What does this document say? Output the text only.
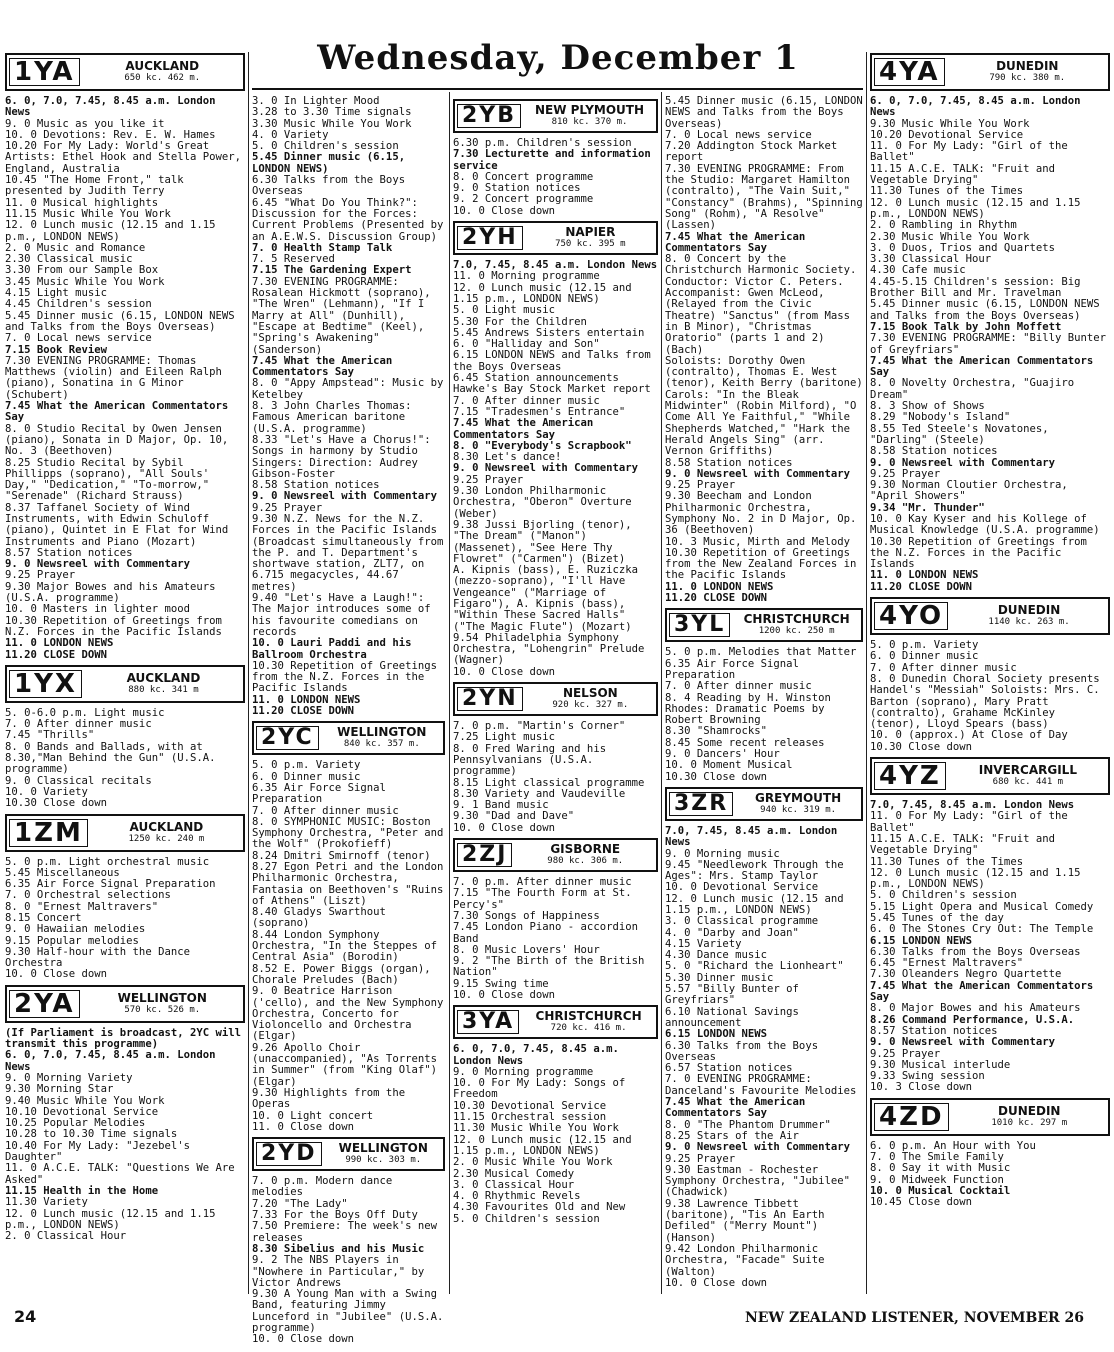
Wednesday, December 1
1YA	AUCKLAND
650 kc. 462 m.
6. 0, 7.0, 7.45, 8.45 a.m. London News
9. 0 Music as you like it
10. 0 Devotions: Rev. E. W. Hames
10.20 For My Lady: World's Great Artists: Ethel Hook and Stella Power, England, Australia
10.45 "The Home Front," talk presented by Judith Terry
11. 0 Musical highlights
11.15 Music While You Work
12. 0 Lunch music (12.15 and 1.15 p.m., LONDON NEWS)
2. 0 Music and Romance
2.30 Classical music
3.30 From our Sample Box
3.45 Music While You Work
4.15 Light music
4.45 Children's session
5.45 Dinner music (6.15, LONDON NEWS and Talks from the Boys Overseas)
7. 0 Local news service
7.15 Book Review
7.30 EVENING PROGRAMME: Thomas Matthews (violin) and Eileen Ralph (piano), Sonatina in G Minor (Schubert)
7.45 What the American Commentators Say
8. 0 Studio Recital by Owen Jensen (piano), Sonata in D Major, Op. 10, No. 3 (Beethoven)
8.25 Studio Recital by Sybil Phillipps (soprano), "All Souls' Day," "Dedication," "To-morrow," "Serenade" (Richard Strauss)
8.37 Taffanel Society of Wind Instruments, with Edwin Schuloff (piano), Quintet in E Flat for Wind Instruments and Piano (Mozart)
8.57 Station notices
9. 0 Newsreel with Commentary
9.25 Prayer
9.30 Major Bowes and his Amateurs (U.S.A. programme)
10. 0 Masters in lighter mood
10.30 Repetition of Greetings from N.Z. Forces in the Pacific Islands
11. 0 LONDON NEWS
11.20 CLOSE DOWN
1YX	AUCKLAND
880 kc. 341 m
5. 0-6.0 p.m. Light music
7. 0 After dinner music
7.45 "Thrills"
8. 0 Bands and Ballads, with at 8.30,"Man Behind the Gun" (U.S.A. programme)
9. 0 Classical recitals
10. 0 Variety
10.30 Close down
1ZM	AUCKLAND
1250 kc. 240 m
5. 0 p.m. Light orchestral music
5.45 Miscellaneous
6.35 Air Force Signal Preparation
7. 0 Orchestral selections
8. 0 "Ernest Maltravers"
8.15 Concert
9. 0 Hawaiian melodies
9.15 Popular melodies
9.30 Half-hour with the Dance Orchestra
10. 0 Close down
2YA	WELLINGTON
570 kc. 526 m.
(If Parliament is broadcast, 2YC will transmit this programme)
6. 0, 7.0, 7.45, 8.45 a.m. London News
9. 0 Morning Variety
9.30 Morning Star
9.40 Music While You Work
10.10 Devotional Service
10.25 Popular Melodies
10.28 to 10.30 Time signals
10.40 For My Lady: "Jezebel's Daughter"
11. 0 A.C.E. TALK: "Questions We Are Asked"
11.15 Health in the Home
11.30 Variety
12. 0 Lunch music (12.15 and 1.15 p.m., LONDON NEWS)
2. 0 Classical Hour
3. 0 In Lighter Mood
3.28 to 3.30 Time signals
3.30 Music While You Work
4. 0 Variety
5. 0 Children's session
5.45 Dinner music (6.15, LONDON NEWS)
6.30 Talks from the Boys Overseas
6.45 "What Do You Think?": Discussion for the Forces: Current Problems (Presented by an A.E.W.S. Discussion Group)
7. 0 Health Stamp Talk
7. 5 Reserved
7.15 The Gardening Expert
7.30 EVENING PROGRAMME: Rosalean Hickmott (soprano), "The Wren" (Lehmann), "If I Marry at All" (Dunhill), "Escape at Bedtime" (Keel), "Spring's Awakening" (Sanderson)
7.45 What the American Commentators Say
8. 0 "Appy Ampstead": Music by Ketelbey
8. 3 John Charles Thomas: Famous American baritone (U.S.A. programme)
8.33 "Let's Have a Chorus!": Songs in harmony by Studio Singers: Direction: Audrey Gibson-Foster
8.58 Station notices
9. 0 Newsreel with Commentary
9.25 Prayer
9.30 N.Z. News for the N.Z. Forces in the Pacific Islands (Broadcast simultaneously from the P. and T. Department's shortwave station, ZLT7, on 6.715 megacycles, 44.67 metres)
9.40 "Let's Have a Laugh!": The Major introduces some of his favourite comedians on records
10. 0 Lauri Paddi and his Ballroom Orchestra
10.30 Repetition of Greetings from the N.Z. Forces in the Pacific Islands
11. 0 LONDON NEWS
11.20 CLOSE DOWN
2YC	WELLINGTON
840 kc. 357 m.
5. 0 p.m. Variety
6. 0 Dinner music
6.35 Air Force Signal Preparation
7. 0 After dinner music
8. 0 SYMPHONIC MUSIC: Boston Symphony Orchestra, "Peter and the Wolf" (Prokofieff)
8.24 Dmitri Smirnoff (tenor)
8.27 Egon Petri and the London Philharmonic Orchestra, Fantasia on Beethoven's "Ruins of Athens" (Liszt)
8.40 Gladys Swarthout (soprano)
8.44 London Symphony Orchestra, "In the Steppes of Central Asia" (Borodin)
8.52 E. Power Biggs (organ), Chorale Preludes (Bach)
9. 0 Beatrice Harrison ('cello), and the New Symphony Orchestra, Concerto for Violoncello and Orchestra (Elgar)
9.26 Apollo Choir (unaccompanied), "As Torrents in Summer" (from "King Olaf") (Elgar)
9.30 Highlights from the Operas
10. 0 Light concert
11. 0 Close down
2YD	WELLINGTON
990 kc. 303 m.
7. 0 p.m. Modern dance melodies
7.20 "The Lady"
7.33 For the Boys Off Duty
7.50 Premiere: The week's new releases
8.30 Sibelius and his Music
9. 2 The NBS Players in "Nowhere in Particular," by Victor Andrews
9.30 A Young Man with a Swing Band, featuring Jimmy Lunceford in "Jubilee" (U.S.A. programme)
10. 0 Close down
2YB	NEW PLYMOUTH
810 kc. 370 m.
6.30 p.m. Children's session
7.30 Lecturette and information service
8. 0 Concert programme
9. 0 Station notices
9. 2 Concert programme
10. 0 Close down
2YH	NAPIER
750 kc. 395 m
7.0, 7.45, 8.45 a.m. London News
11. 0 Morning programme
12. 0 Lunch music (12.15 and 1.15 p.m., LONDON NEWS)
5. 0 Light music
5.30 For the Children
5.45 Andrews Sisters entertain
6. 0 "Halliday and Son"
6.15 LONDON NEWS and Talks from the Boys Overseas
6.45 Station announcements Hawke's Bay Stock Market report
7. 0 After dinner music
7.15 "Tradesmen's Entrance"
7.45 What the American Commentators Say
8. 0 "Everybody's Scrapbook"
8.30 Let's dance!
9. 0 Newsreel with Commentary
9.25 Prayer
9.30 London Philharmonic Orchestra, "Oberon" Overture (Weber)
9.38 Jussi Bjorling (tenor), "The Dream" ("Manon") (Massenet), "See Here Thy Flowret" ("Carmen") (Bizet)
A. Kipnis (bass), E. Ruziczka (mezzo-soprano), "I'll Have Vengeance" ("Marriage of Figaro"), A. Kipnis (bass), "Within These Sacred Halls" ("The Magic Flute") (Mozart)
9.54 Philadelphia Symphony Orchestra, "Lohengrin" Prelude (Wagner)
10. 0 Close down
2YN	NELSON
920 kc. 327 m.
7. 0 p.m. "Martin's Corner"
7.25 Light music
8. 0 Fred Waring and his Pennsylvanians (U.S.A. programme)
8.15 Light classical programme
8.30 Variety and Vaudeville
9. 1 Band music
9.30 "Dad and Dave"
10. 0 Close down
2ZJ	GISBORNE
980 kc. 306 m.
7. 0 p.m. After dinner music
7.15 "The Fourth Form at St. Percy's"
7.30 Songs of Happiness
7.45 London Piano - accordion Band
8. 0 Music Lovers' Hour
9. 2 "The Birth of the British Nation"
9.15 Swing time
10. 0 Close down
3YA	CHRISTCHURCH
720 kc. 416 m.
6. 0, 7.0, 7.45, 8.45 a.m. London News
9. 0 Morning programme
10. 0 For My Lady: Songs of Freedom
10.30 Devotional Service
11.15 Orchestral session
11.30 Music While You Work
12. 0 Lunch music (12.15 and 1.15 p.m., LONDON NEWS)
2. 0 Music While You Work
2.30 Musical Comedy
3. 0 Classical Hour
4. 0 Rhythmic Revels
4.30 Favourites Old and New
5. 0 Children's session
5.45 Dinner music (6.15, LONDON NEWS and Talks from the Boys Overseas)
7. 0 Local news service
7.20 Addington Stock Market report
7.30 EVENING PROGRAMME: From the Studio: Margaret Hamilton (contralto), "The Vain Suit," "Constancy" (Brahms), "Spinning Song" (Rohm), "A Resolve" (Lassen)
7.45 What the American Commentators Say
8. 0 Concert by the Christchurch Harmonic Society. Conductor: Victor C. Peters. Accompanist: Gwen McLeod, (Relayed from the Civic Theatre) "Sanctus" (from Mass in B Minor), "Christmas Oratorio" (parts 1 and 2) (Bach)
Soloists: Dorothy Owen (contralto), Thomas E. West (tenor), Keith Berry (baritone)
Carols: "In the Bleak Midwinter" (Robin Milford), "O Come All Ye Faithful," "While Shepherds Watched," "Hark the Herald Angels Sing" (arr. Vernon Griffiths)
8.58 Station notices
9. 0 Newsreel with Commentary
9.25 Prayer
9.30 Beecham and London Philharmonic Orchestra, Symphony No. 2 in D Major, Op. 36 (Beethoven)
10. 3 Music, Mirth and Melody
10.30 Repetition of Greetings from the New Zealand Forces in the Pacific Islands
11. 0 LONDON NEWS
11.20 CLOSE DOWN
3YL	CHRISTCHURCH
1200 kc. 250 m
5. 0 p.m. Melodies that Matter
6.35 Air Force Signal Preparation
7. 0 After dinner music
8. 4 Reading by H. Winston Rhodes: Dramatic Poems by Robert Browning
8.30 "Shamrocks"
8.45 Some recent releases
9. 0 Dancers' Hour
10. 0 Moment Musical
10.30 Close down
3ZR	GREYMOUTH
940 kc. 319 m.
7.0, 7.45, 8.45 a.m. London News
9. 0 Morning music
9.45 "Needlework Through the Ages": Mrs. Stamp Taylor
10. 0 Devotional Service
12. 0 Lunch music (12.15 and 1.15 p.m., LONDON NEWS)
3. 0 Classical programme
4. 0 "Darby and Joan"
4.15 Variety
4.30 Dance music
5. 0 "Richard the Lionheart"
5.30 Dinner music
5.57 "Billy Bunter of Greyfriars"
6.10 National Savings announcement
6.15 LONDON NEWS
6.30 Talks from the Boys Overseas
6.57 Station notices
7. 0 EVENING PROGRAMME: Danceland's Favourite Melodies
7.45 What the American Commentators Say
8. 0 "The Phantom Drummer"
8.25 Stars of the Air
9. 0 Newsreel with Commentary
9.25 Prayer
9.30 Eastman - Rochester Symphony Orchestra, "Jubilee" (Chadwick)
9.38 Lawrence Tibbett (baritone), "Tis An Earth Defiled" ("Merry Mount") (Hanson)
9.42 London Philharmonic Orchestra, "Facade" Suite (Walton)
10. 0 Close down
4YA	DUNEDIN
790 kc. 380 m.
6. 0, 7.0, 7.45, 8.45 a.m. London News
9.30 Music While You Work
10.20 Devotional Service
11. 0 For My Lady: "Girl of the Ballet"
11.15 A.C.E. TALK: "Fruit and Vegetable Drying"
11.30 Tunes of the Times
12. 0 Lunch music (12.15 and 1.15 p.m., LONDON NEWS)
2. 0 Rambling in Rhythm
2.30 Music While You Work
3. 0 Duos, Trios and Quartets
3.30 Classical Hour
4.30 Cafe music
4.45-5.15 Children's session: Big Brother Bill and Mr. Travelman
5.45 Dinner music (6.15, LONDON NEWS and Talks from the Boys Overseas)
7.15 Book Talk by John Moffett
7.30 EVENING PROGRAMME: "Billy Bunter of Greyfriars"
7.45 What the American Commentators Say
8. 0 Novelty Orchestra, "Guajiro Dream"
8. 3 Show of Shows
8.29 "Nobody's Island"
8.55 Ted Steele's Novatones, "Darling" (Steele)
8.58 Station notices
9. 0 Newsreel with Commentary
9.25 Prayer
9.30 Norman Cloutier Orchestra, "April Showers"
9.34 "Mr. Thunder"
10. 0 Kay Kyser and his Kollege of Musical Knowledge (U.S.A. programme)
10.30 Repetition of Greetings from the N.Z. Forces in the Pacific Islands
11. 0 LONDON NEWS
11.20 CLOSE DOWN
4YO	DUNEDIN
1140 kc. 263 m.
5. 0 p.m. Variety
6. 0 Dinner music
7. 0 After dinner music
8. 0 Dunedin Choral Society presents Handel's "Messiah" Soloists: Mrs. C. Barton (soprano), Mary Pratt (contralto), Grahame McKinley (tenor), Lloyd Spears (bass)
10. 0 (approx.) At Close of Day
10.30 Close down
4YZ	INVERCARGILL
680 kc. 441 m
7.0, 7.45, 8.45 a.m. London News
11. 0 For My Lady: "Girl of the Ballet"
11.15 A.C.E. TALK: "Fruit and Vegetable Drying"
11.30 Tunes of the Times
12. 0 Lunch music (12.15 and 1.15 p.m., LONDON NEWS)
5. 0 Children's session
5.15 Light Opera and Musical Comedy
5.45 Tunes of the day
6. 0 The Stones Cry Out: The Temple
6.15 LONDON NEWS
6.30 Talks from the Boys Overseas
6.45 "Ernest Maltravers"
7.30 Oleanders Negro Quartette
7.45 What the American Commentators Say
8. 0 Major Bowes and his Amateurs
8.26 Command Performance, U.S.A.
8.57 Station notices
9. 0 Newsreel with Commentary
9.25 Prayer
9.30 Musical interlude
9.33 Swing session
10. 3 Close down
4ZD	DUNEDIN
1010 kc. 297 m
6. 0 p.m. An Hour with You
7. 0 The Smile Family
8. 0 Say it with Music
9. 0 Midweek Function
10. 0 Musical Cocktail
10.45 Close down
24	NEW ZEALAND LISTENER, NOVEMBER 26
